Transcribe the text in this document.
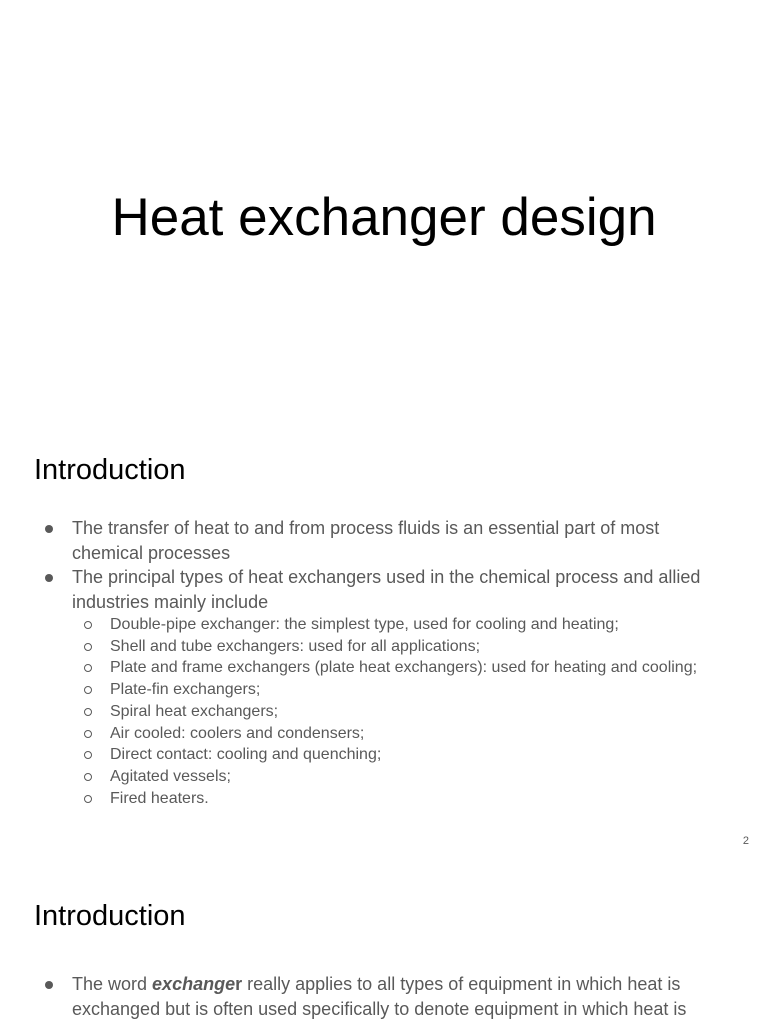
Heat exchanger design
Introduction
The transfer of heat to and from process fluids is an essential part of most chemical processes
The principal types of heat exchangers used in the chemical process and allied industries mainly include
Double-pipe exchanger: the simplest type, used for cooling and heating;
Shell and tube exchangers: used for all applications;
Plate and frame exchangers (plate heat exchangers): used for heating and cooling;
Plate-fin exchangers;
Spiral heat exchangers;
Air cooled: coolers and condensers;
Direct contact: cooling and quenching;
Agitated vessels;
Fired heaters.
2
Introduction
The word exchanger really applies to all types of equipment in which heat is exchanged but is often used specifically to denote equipment in which heat is
